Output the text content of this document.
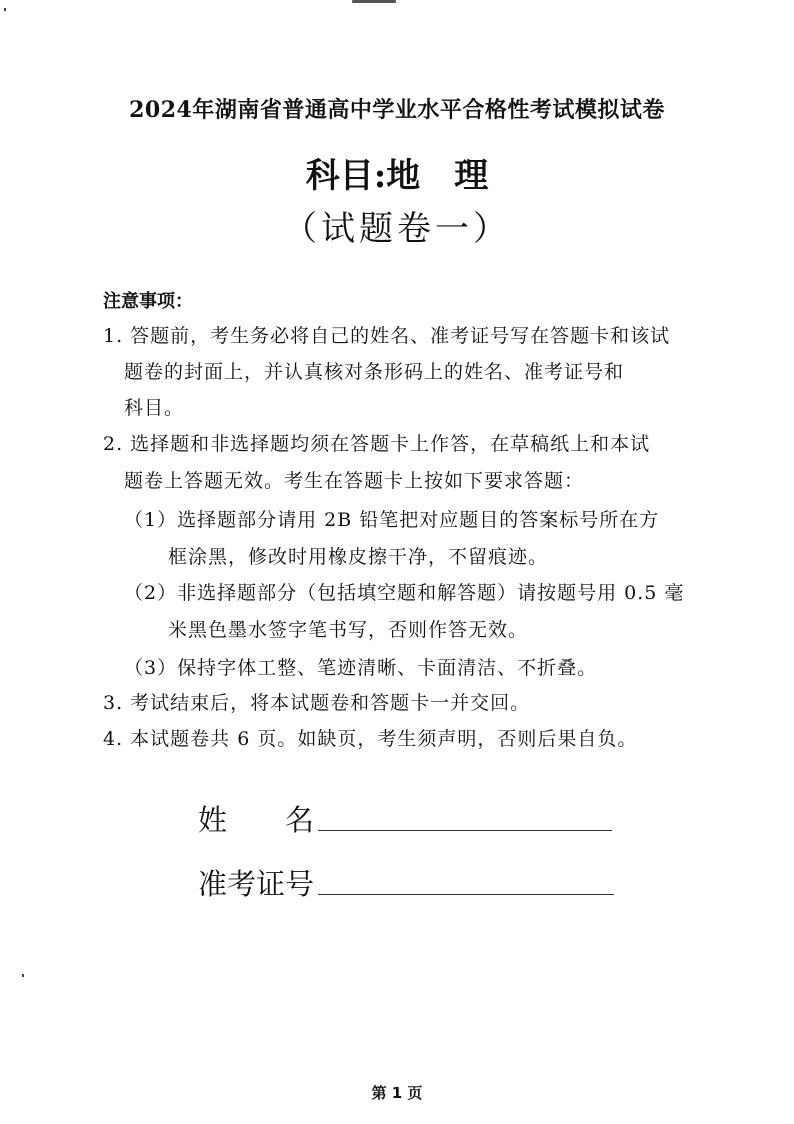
2024年湖南省普通高中学业水平合格性考试模拟试卷
科目:地　理
（试题卷一）
注意事项：
1. 答题前，考生务必将自己的姓名、准考证号写在答题卡和该试
题卷的封面上，并认真核对条形码上的姓名、准考证号和
科目。
2. 选择题和非选择题均须在答题卡上作答，在草稿纸上和本试
题卷上答题无效。考生在答题卡上按如下要求答题：
（1）选择题部分请用 2B 铅笔把对应题目的答案标号所在方
框涂黑，修改时用橡皮擦干净，不留痕迹。
（2）非选择题部分（包括填空题和解答题）请按题号用 0.5 毫
米黑色墨水签字笔书写，否则作答无效。
（3）保持字体工整、笔迹清晰、卡面清洁、不折叠。
3. 考试结束后，将本试题卷和答题卡一并交回。
4. 本试题卷共 6 页。如缺页，考生须声明，否则后果自负。
姓　　名
准考证号
第 1 页
